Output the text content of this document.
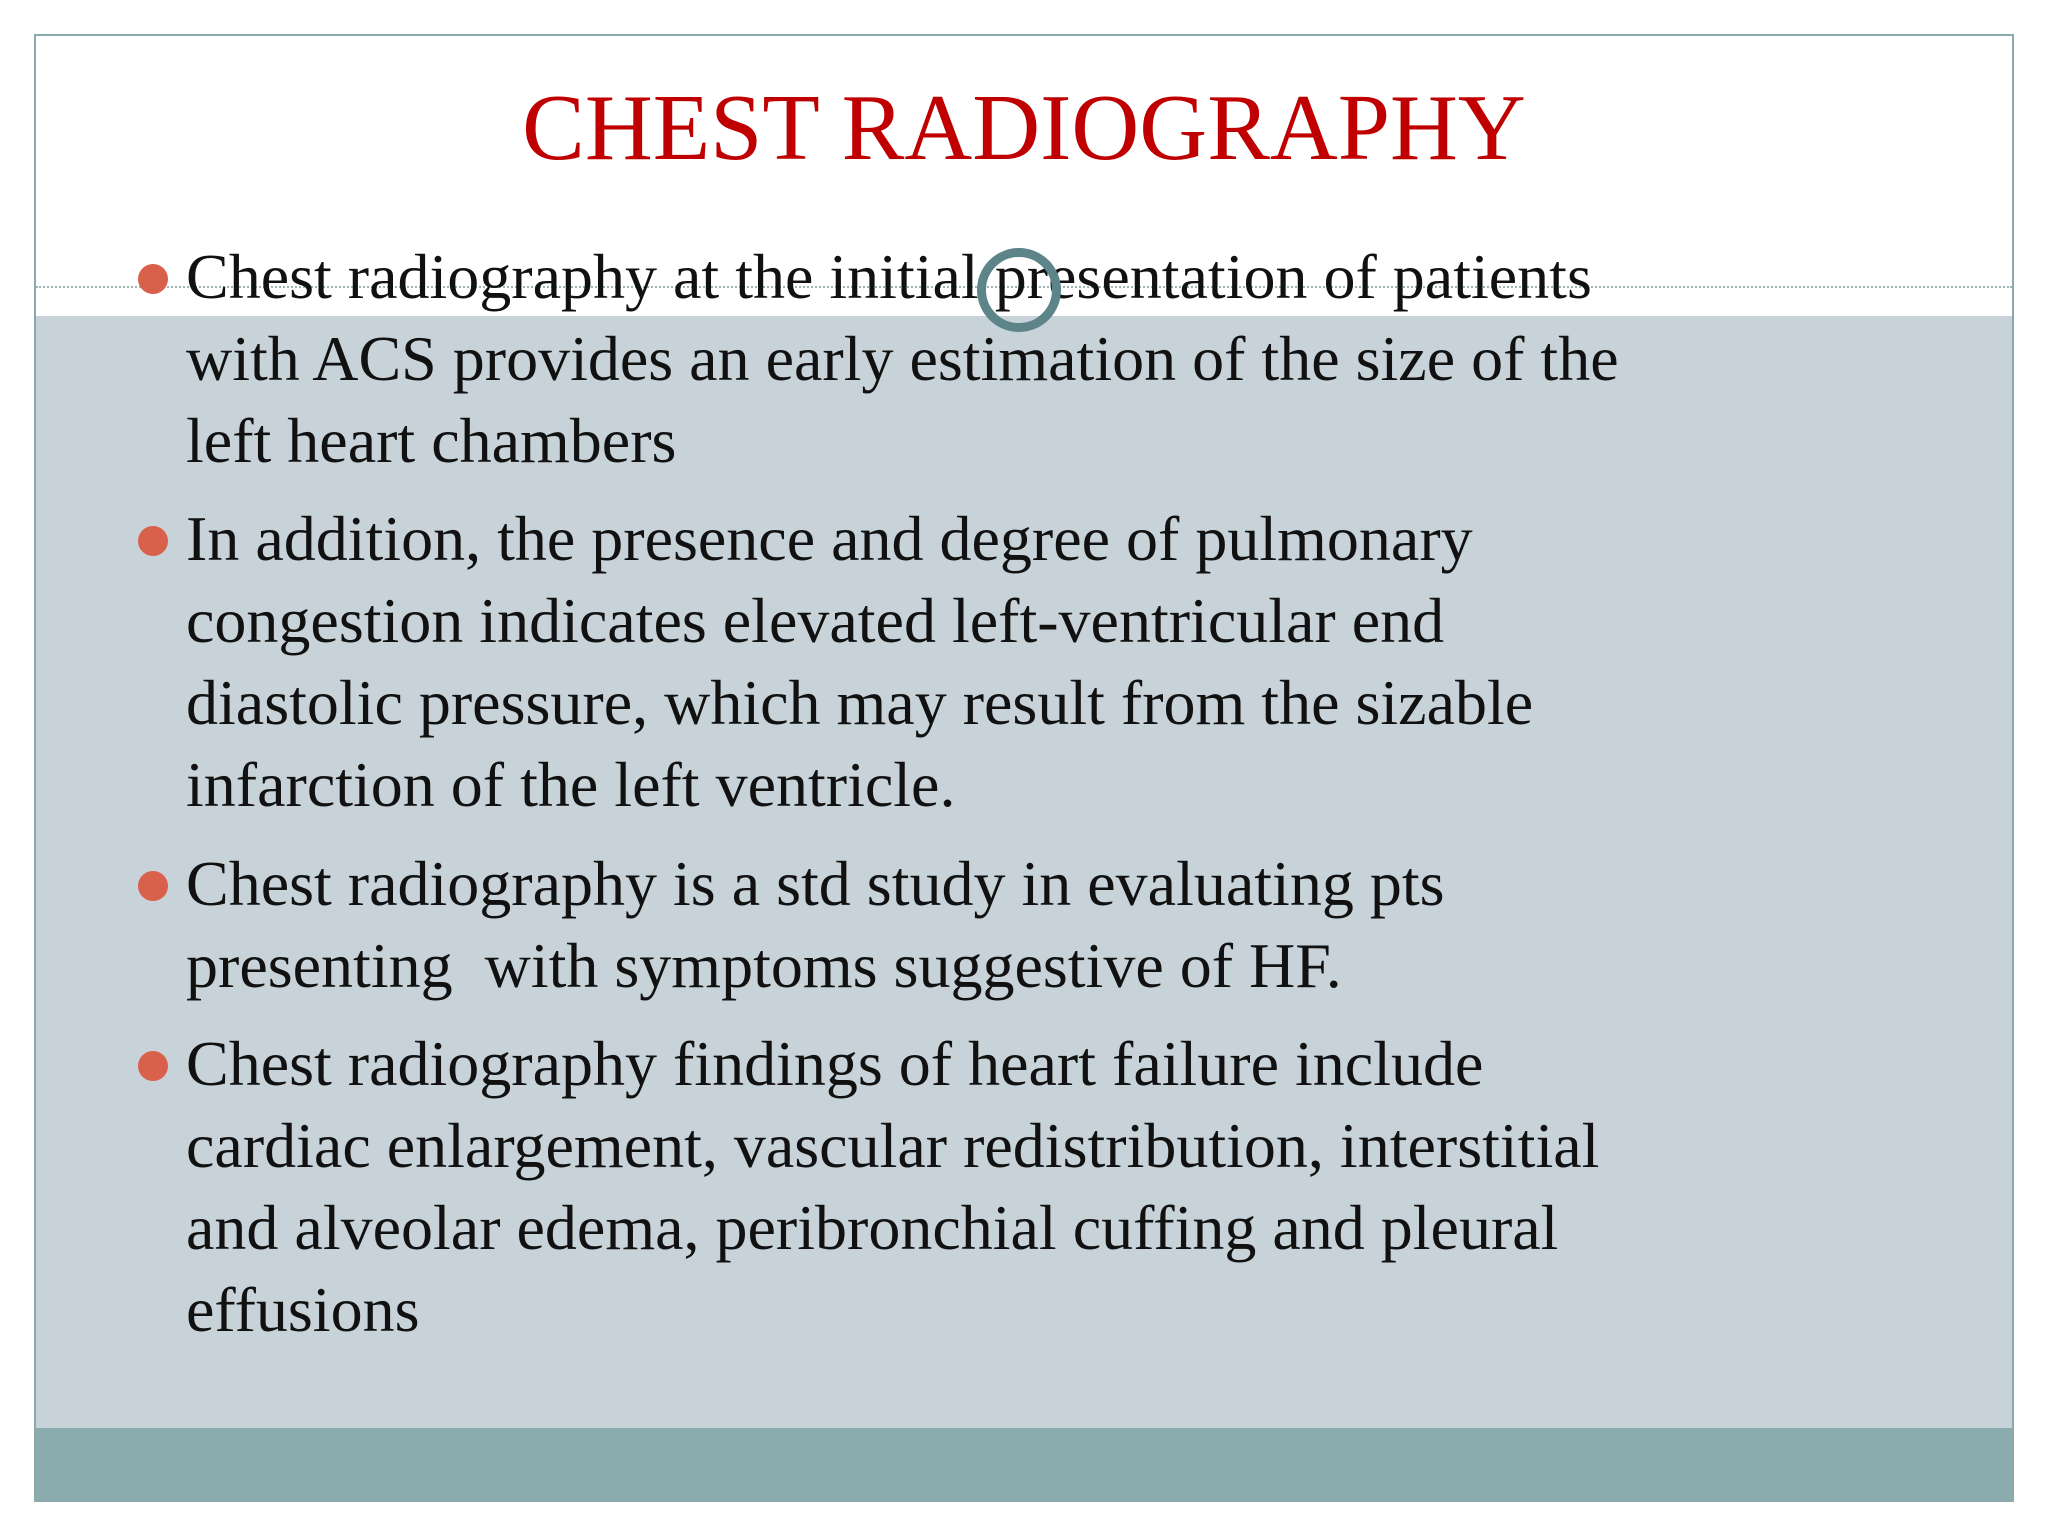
CHEST RADIOGRAPHY
Chest radiography at the initial presentation of patients
with ACS provides an early estimation of the size of the
left heart chambers
In addition, the presence and degree of pulmonary
congestion indicates elevated left-ventricular end
diastolic pressure, which may result from the sizable
infarction of the left ventricle.
Chest radiography is a std study in evaluating pts
presenting  with symptoms suggestive of HF.
Chest radiography findings of heart failure include
cardiac enlargement, vascular redistribution, interstitial
and alveolar edema, peribronchial cuffing and pleural
effusions
